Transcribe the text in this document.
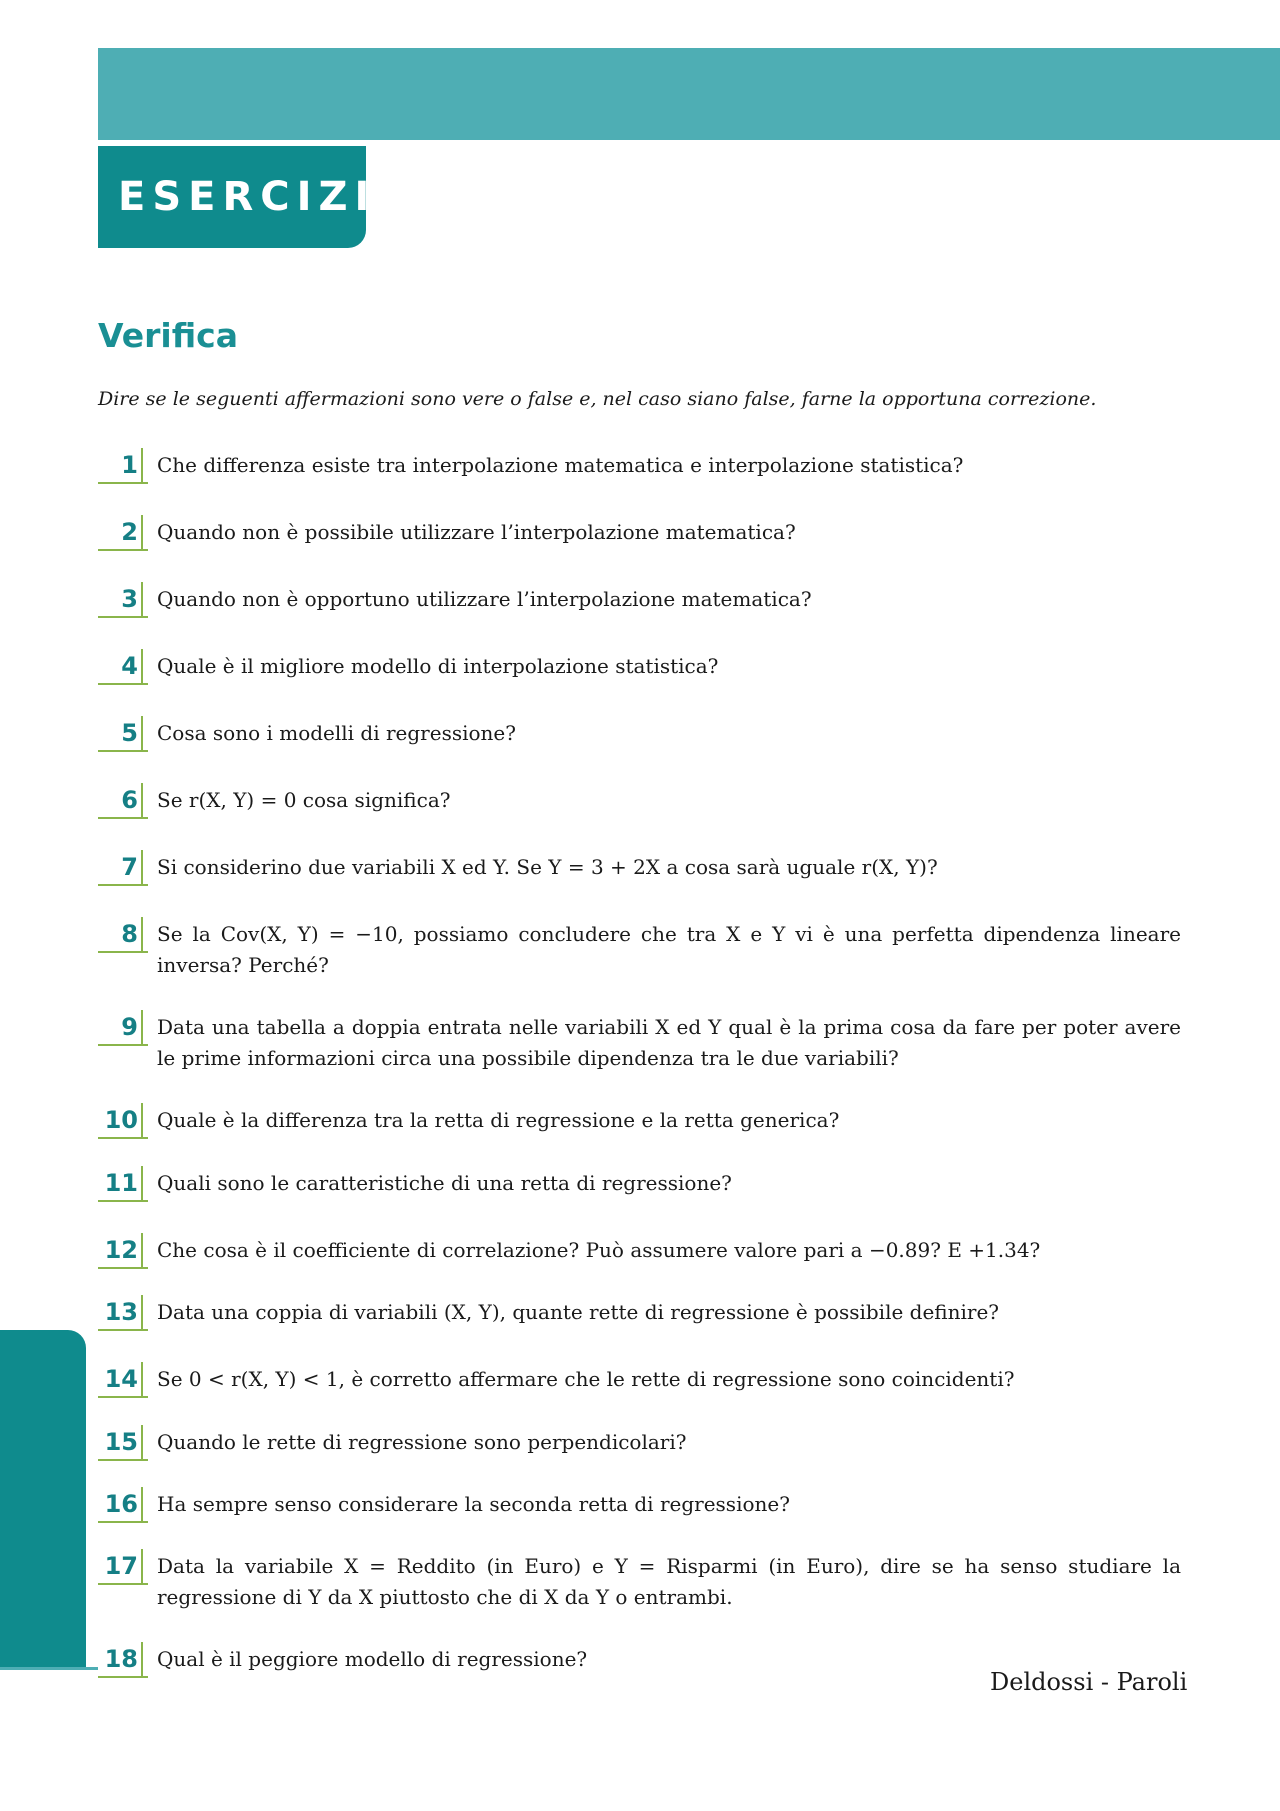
ESERCIZI
Verifica
Dire se le seguenti affermazioni sono vere o false e, nel caso siano false, farne la opportuna correzione.
1 Che differenza esiste tra interpolazione matematica e interpolazione statistica?
2 Quando non è possibile utilizzare l’interpolazione matematica?
3 Quando non è opportuno utilizzare l’interpolazione matematica?
4 Quale è il migliore modello di interpolazione statistica?
5 Cosa sono i modelli di regressione?
6 Se r(X, Y) = 0 cosa significa?
7 Si considerino due variabili X ed Y. Se Y = 3 + 2X a cosa sarà uguale r(X, Y)?
8 Se la Cov(X, Y) = −10, possiamo concludere che tra X e Y vi è una perfetta dipendenza lineare inversa? Perché?
9 Data una tabella a doppia entrata nelle variabili X ed Y qual è la prima cosa da fare per poter avere le prime informazioni circa una possibile dipendenza tra le due variabili?
10 Quale è la differenza tra la retta di regressione e la retta generica?
11 Quali sono le caratteristiche di una retta di regressione?
12 Che cosa è il coefficiente di correlazione? Può assumere valore pari a −0.89? E +1.34?
13 Data una coppia di variabili (X, Y), quante rette di regressione è possibile definire?
14 Se 0 < r(X, Y) < 1, è corretto affermare che le rette di regressione sono coincidenti?
15 Quando le rette di regressione sono perpendicolari?
16 Ha sempre senso considerare la seconda retta di regressione?
17 Data la variabile X = Reddito (in Euro) e Y = Risparmi (in Euro), dire se ha senso studiare la regressione di Y da X piuttosto che di X da Y o entrambi.
18 Qual è il peggiore modello di regressione?
Deldossi - Paroli
